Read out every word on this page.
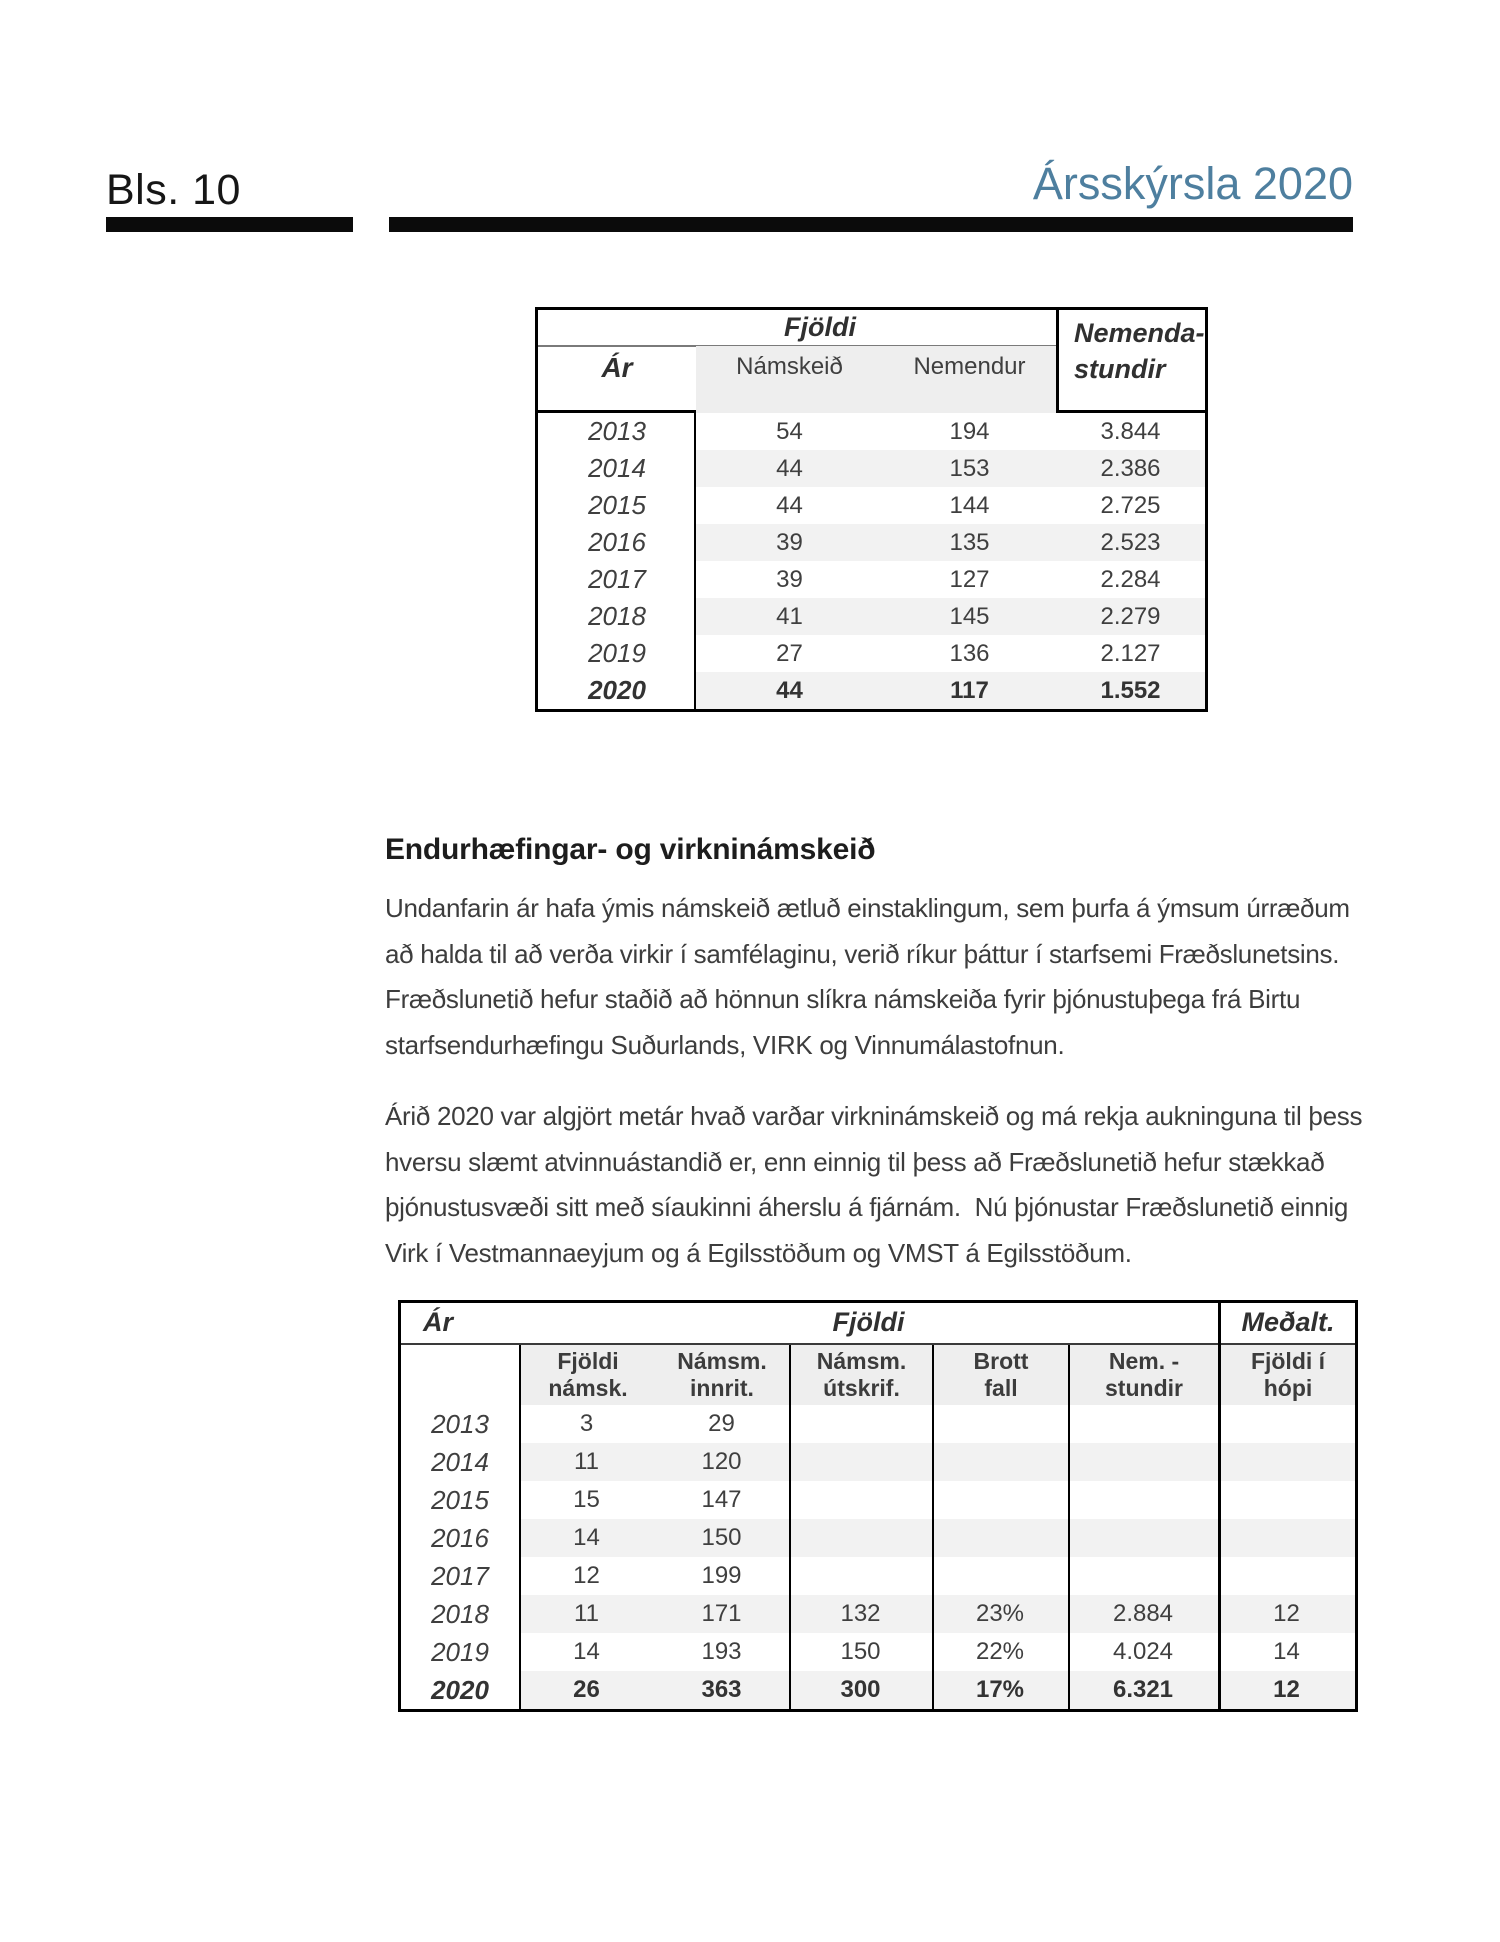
Bls. 10	Ársskýrsla 2020
Fjöldi
Ár	Námskeið	Nemendur
Nemenda-
stundir
2013	54	194	3.844
2014	44	153	2.386
2015	44	144	2.725
2016	39	135	2.523
2017	39	127	2.284
2018	41	145	2.279
2019	27	136	2.127
2020	44	117	1.552
Endurhæfingar- og virkninámskeið
Undanfarin ár hafa ýmis námskeið ætluð einstaklingum, sem þurfa á ýmsum úrræðum
að halda til að verða virkir í samfélaginu, verið ríkur þáttur í starfsemi Fræðslunetsins.
Fræðslunetið hefur staðið að hönnun slíkra námskeiða fyrir þjónustuþega frá Birtu
starfsendurhæfingu Suðurlands, VIRK og Vinnumálastofnun.
Árið 2020 var algjört metár hvað varðar virkninámskeið og má rekja aukninguna til þess
hversu slæmt atvinnuástandið er, enn einnig til þess að Fræðslunetið hefur stækkað
þjónustusvæði sitt með síaukinni áherslu á fjárnám.  Nú þjónustar Fræðslunetið einnig
Virk í Vestmannaeyjum og á Egilsstöðum og VMST á Egilsstöðum.
Ár	Fjöldi	Meðalt.
Fjöldi
námsk.
Námsm.
innrit.
Námsm.
útskrif.
Brott
fall
Nem. -
stundir
Fjöldi í
hópi
2013	3	29
2014	11	120
2015	15	147
2016	14	150
2017	12	199
2018	11	171	132	23%	2.884	12
2019	14	193	150	22%	4.024	14
2020	26	363	300	17%	6.321	12
